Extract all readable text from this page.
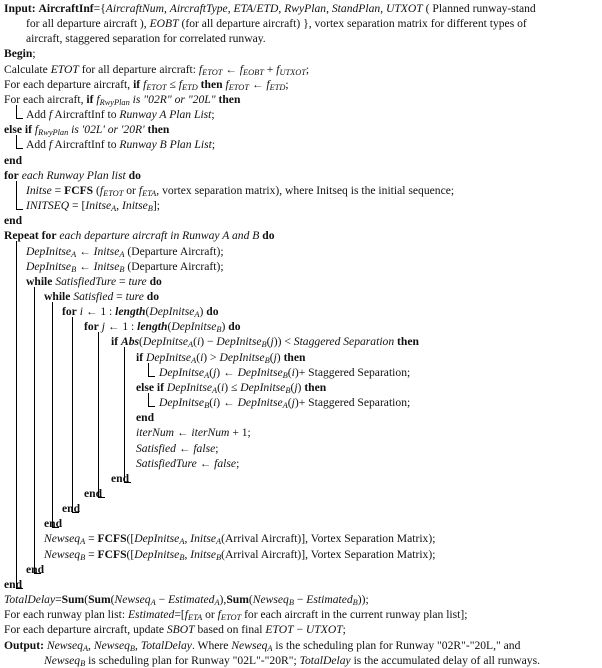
Input: AircraftInf={AircraftNum, AircraftType, ETA/ETD, RwyPlan, StandPlan, UTXOT ( Planned runway-stand
for all departure aircraft ), EOBT (for all departure aircraft) }, vortex separation matrix for different types of
aircraft, staggered separation for correlated runway.
Begin;
Calculate ETOT for all departure aircraft: $f_{ETOT}$ ← $f_{EOBT} + f_{UTXOT}$;
For each departure aircraft, if $f_{ETOT} \le f_{ETD}$ then $f_{ETOT}$ ← $f_{ETD}$;
For each aircraft, if $f_{RwyPlan}$ is "02R" or "20L" then
Add f AircraftInf to Runway A Plan List;
else if $f_{RwyPlan}$ is '02L' or '20R' then
Add f AircraftInf to Runway B Plan List;
end
for each Runway Plan list do
Initse = FCFS ($f_{ETOT}$ or $f_{ETA}$, vortex separation matrix), where Initseq is the initial sequence;
INITSEQ = [Initse$_A$, Initse$_B$];
end
Repeat for each departure aircraft in Runway A and B do
DepInitse$_A$ ← Initse$_A$ (Departure Aircraft);
DepInitse$_B$ ← Initse$_B$ (Departure Aircraft);
while SatisfiedTure = ture do
while Satisfied = ture do
for i ← 1 : length(DepInitse$_A$) do
for j ← 1 : length(DepInitse$_B$) do
if Abs(DepInitse$_A$(i) − DepInitse$_B$(j)) < Staggered Separation then
if DepInitse$_A$(i) > DepInitse$_B$(j) then
DepInitse$_A$(j) ← DepInitse$_B$(i)+ Staggered Separation;
else if DepInitse$_A$(i) ≤ DepInitse$_B$(j) then
DepInitse$_B$(i) ← DepInitse$_A$(j)+ Staggered Separation;
end
iterNum ← iterNum + 1;
Satisfied ← false;
SatisfiedTure ← false;
end
end
end
end
Newseq$_A$ = FCFS([DepInitse$_A$, Initse$_A$(Arrival Aircraft)], Vortex Separation Matrix);
Newseq$_B$ = FCFS([DepInitse$_B$, Initse$_B$(Arrival Aircraft)], Vortex Separation Matrix);
end
end
TotalDelay=Sum(Sum(Newseq$_A$ − Estimated$_A$),Sum(Newseq$_B$ − Estimated$_B$));
For each runway plan list: $Estimated=[f_{ETA}$ or $f_{ETOT}$ for each aircraft in the current runway plan list];
For each departure aircraft, update SBOT based on final ETOT − UTXOT;
Output: Newseq$_A$, Newseq$_B$, TotalDelay. Where Newseq$_A$ is the scheduling plan for Runway "02R"-"20L," and
Newseq$_B$ is scheduling plan for Runway "02L"-"20R"; TotalDelay is the accumulated delay of all runways.
